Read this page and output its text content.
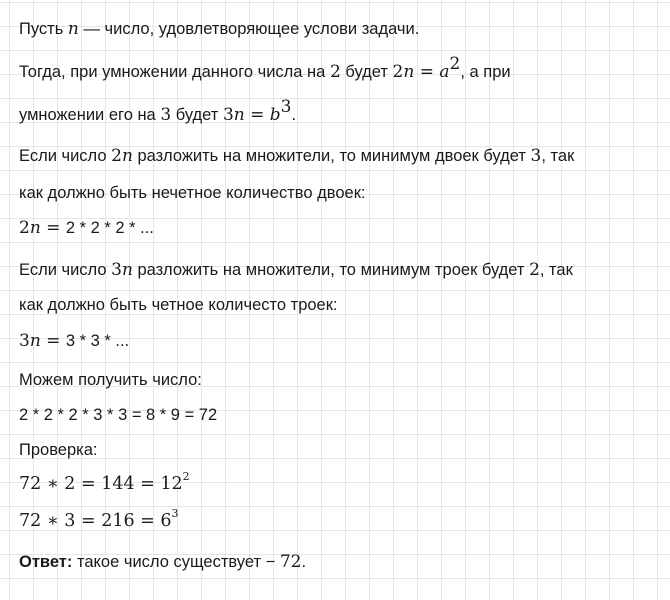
Пусть n — число, удовлетворяющее услови задачи.
Тогда, при умножении данного числа на 2 будет $2n = a^2$, а при
умножении его на 3 будет $3n = b^3$.
Если число 2n разложить на множители, то минимум двоек будет 3, так
как должно быть нечетное количество двоек:
2n = 2 * 2 * 2 * ...
Если число 3n разложить на множители, то минимум троек будет 2, так
как должно быть четное количесто троек:
3n = 3 * 3 * ...
Можем получить число:
2 * 2 * 2 * 3 * 3 = 8 * 9 = 72
Проверка:
72 ∗ $2 = 144 = 12^2$
72 ∗ $3 = 216 = 6^3$
Ответ: такое число существует − 72.
